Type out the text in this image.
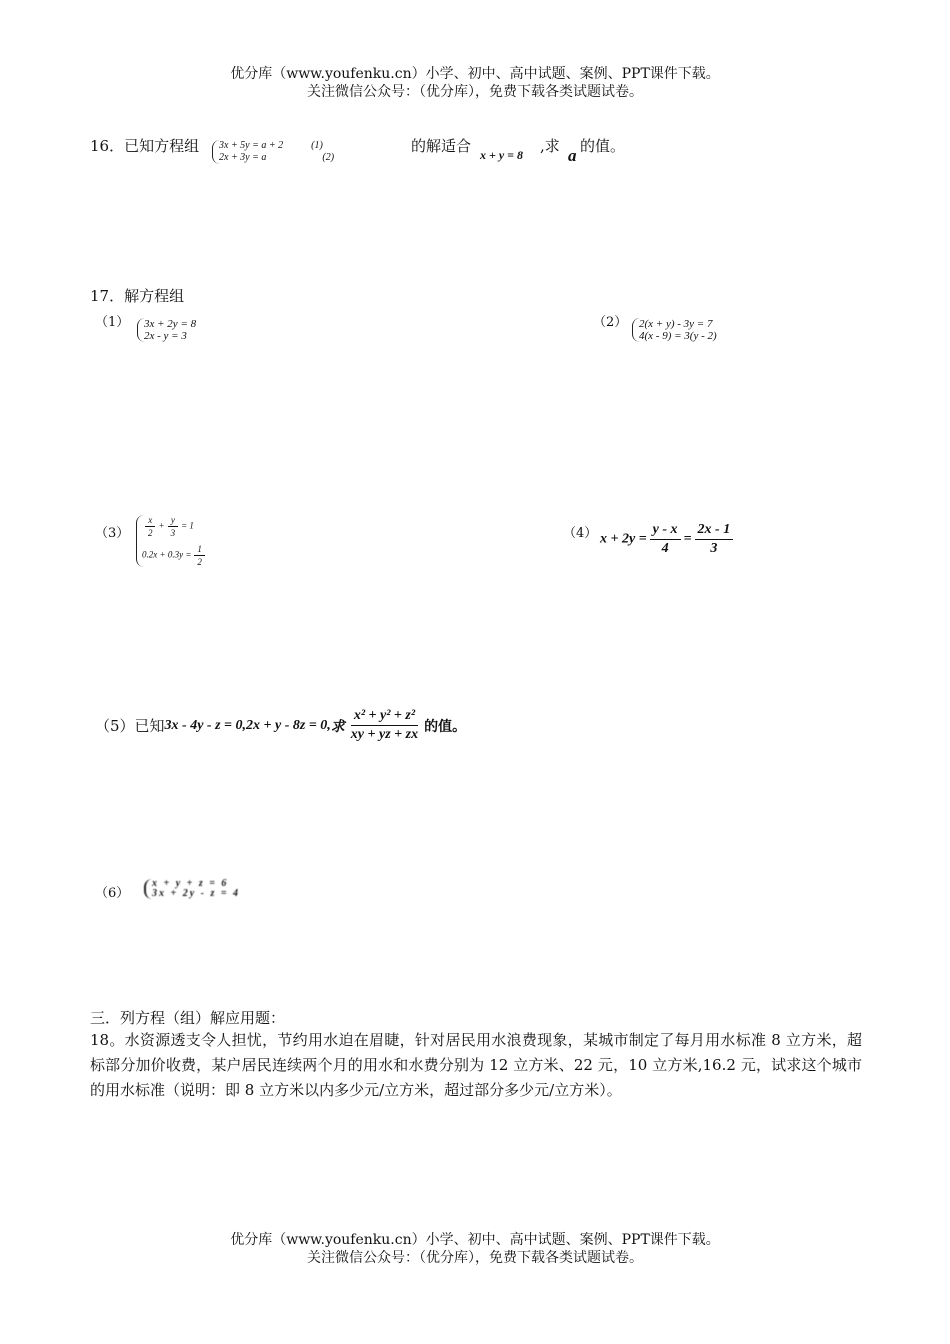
优分库（www.youfenku.cn）小学、初中、高中试题、案例、PPT课件下载。
关注微信公众号：（优分库），免费下载各类试题试卷。
16．已知方程组 3x + 5y = a + 2	(1)
2x + 3y = a	(2)
的解适合 x + y = 8 ,求 a 的值。
17．解方程组
（1） 3x + 2y = 8
2x - y = 3
（2） 2(x + y) - 3y = 7
4(x - 9) = 3(y - 2)
$(3) \frac{x}{2} + \frac{y}{3} = 1$
$0.2x + 0.3y = \frac{1}{2}$
（4） $x + 2y = \frac{y - x}{4} = \frac{2x - 1}{3}$
（5）已知 3x - 4y - z = 0,2x + y - 8z = 0, 求 $\frac{\text{x² + y² + z²}}{xy + yz + zx}$ 的值。
（6）
x + y + z = 6
3x + 2y - z = 4
三．列方程（组）解应用题：
18。水资源透支令人担忧，节约用水迫在眉睫，针对居民用水浪费现象，某城市制定了每月用水标准 8 立方米，超标部分加价收费，某户居民连续两个月的用水和水费分别为 12 立方米、22 元，10 立方米,16.2 元，试求这个城市的用水标准（说明：即 8 立方米以内多少元/立方米，超过部分多少元/立方米）。
优分库（www.youfenku.cn）小学、初中、高中试题、案例、PPT课件下载。
关注微信公众号：（优分库），免费下载各类试题试卷。
